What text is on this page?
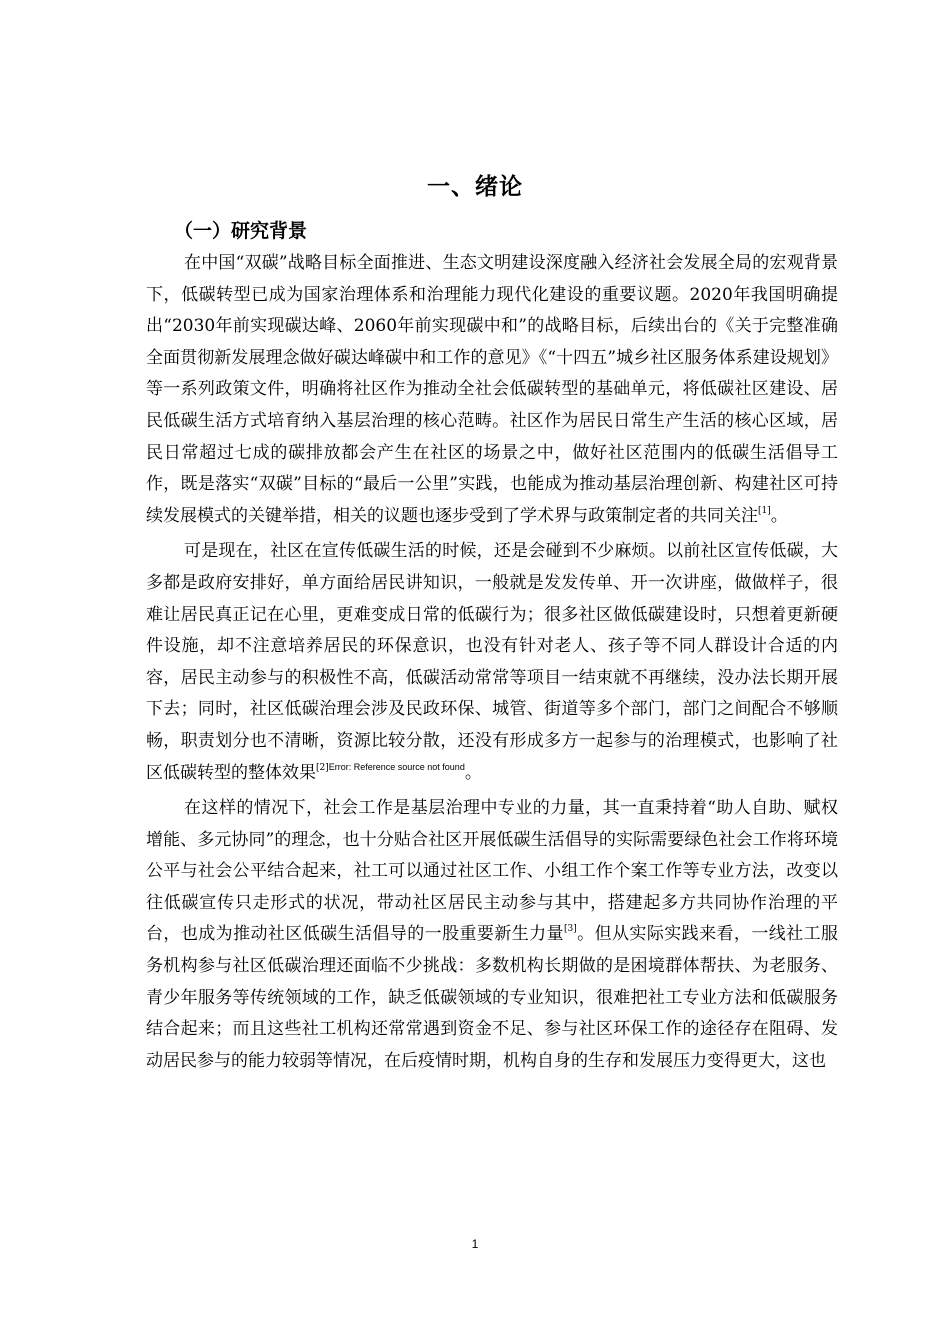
一、绪论
（一）研究背景

在中国“双碳”战略目标全面推进、生态文明建设深度融入经济社会发展全局的宏观背景下，低碳转型已成为国家治理体系和治理能力现代化建设的重要议题。2020年我国明确提出“2030年前实现碳达峰、2060年前实现碳中和”的战略目标，后续出台的《关于完整准确全面贯彻新发展理念做好碳达峰碳中和工作的意见》《“十四五”城乡社区服务体系建设规划》等一系列政策文件，明确将社区作为推动全社会低碳转型的基础单元，将低碳社区建设、居民低碳生活方式培育纳入基层治理的核心范畴。社区作为居民日常生产生活的核心区域，居民日常超过七成的碳排放都会产生在社区的场景之中，做好社区范围内的低碳生活倡导工作，既是落实“双碳”目标的“最后一公里”实践，也能成为推动基层治理创新、构建社区可持续发展模式的关键举措，相关的议题也逐步受到了学术界与政策制定者的共同关注[1]。

可是现在，社区在宣传低碳生活的时候，还是会碰到不少麻烦。以前社区宣传低碳，大多都是政府安排好，单方面给居民讲知识，一般就是发发传单、开一次讲座，做做样子，很难让居民真正记在心里，更难变成日常的低碳行为；很多社区做低碳建设时，只想着更新硬件设施，却不注意培养居民的环保意识，也没有针对老人、孩子等不同人群设计合适的内容，居民主动参与的积极性不高，低碳活动常常等项目一结束就不再继续，没办法长期开展下去；同时，社区低碳治理会涉及民政环保、城管、街道等多个部门，部门之间配合不够顺畅，职责划分也不清晰，资源比较分散，还没有形成多方一起参与的治理模式，也影响了社区低碳转型的整体效果$^{[2]Error: Reference source not found}$。

在这样的情况下，社会工作是基层治理中专业的力量，其一直秉持着“助人自助、赋权增能、多元协同”的理念，也十分贴合社区开展低碳生活倡导的实际需要绿色社会工作将环境公平与社会公平结合起来，社工可以通过社区工作、小组工作个案工作等专业方法，改变以往低碳宣传只走形式的状况，带动社区居民主动参与其中，搭建起多方共同协作治理的平台，也成为推动社区低碳生活倡导的一股重要新生力量[3]。但从实际实践来看，一线社工服务机构参与社区低碳治理还面临不少挑战：多数机构长期做的是困境群体帮扶、为老服务、青少年服务等传统领域的工作，缺乏低碳领域的专业知识，很难把社工专业方法和低碳服务结合起来；而且这些社工机构还常常遇到资金不足、参与社区环保工作的途径存在阻碍、发动居民参与的能力较弱等情况，在后疫情时期，机构自身的生存和发展压力变得更大，这也

1
